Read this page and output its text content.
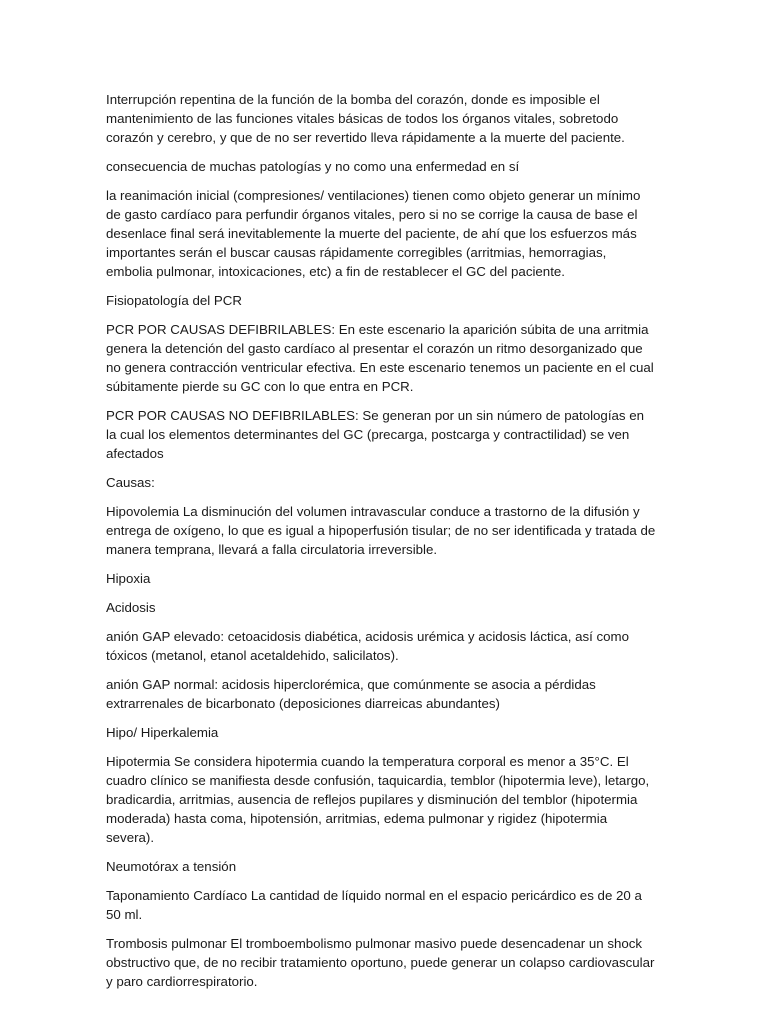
Interrupción repentina de la función de la bomba del corazón, donde es imposible el mantenimiento de las funciones vitales básicas de todos los órganos vitales, sobretodo corazón y cerebro, y que de no ser revertido lleva rápidamente a la muerte del paciente.

consecuencia de muchas patologías y no como una enfermedad en sí

la reanimación inicial (compresiones/ ventilaciones) tienen como objeto generar un mínimo de gasto cardíaco para perfundir órganos vitales, pero si no se corrige la causa de base el desenlace final será inevitablemente la muerte del paciente, de ahí que los esfuerzos más importantes serán el buscar causas rápidamente corregibles (arritmias, hemorragias, embolia pulmonar, intoxicaciones, etc) a fin de restablecer el GC del paciente.

Fisiopatología del PCR

PCR POR CAUSAS DEFIBRILABLES: En este escenario la aparición súbita de una arritmia genera la detención del gasto cardíaco al presentar el corazón un ritmo desorganizado que no genera contracción ventricular efectiva. En este escenario tenemos un paciente en el cual súbitamente pierde su GC con lo que entra en PCR.

PCR POR CAUSAS NO DEFIBRILABLES: Se generan por un sin número de patologías en la cual los elementos determinantes del GC (precarga, postcarga y contractilidad) se ven afectados

Causas:

Hipovolemia La disminución del volumen intravascular conduce a trastorno de la difusión y entrega de oxígeno, lo que es igual a hipoperfusión tisular; de no ser identificada y tratada de manera temprana, llevará a falla circulatoria irreversible.

Hipoxia

Acidosis

anión GAP elevado: cetoacidosis diabética, acidosis urémica y acidosis láctica, así como tóxicos (metanol, etanol acetaldehido, salicilatos).

anión GAP normal: acidosis hiperclorémica, que comúnmente se asocia a pérdidas extrarrenales de bicarbonato (deposiciones diarreicas abundantes)

Hipo/ Hiperkalemia

Hipotermia Se considera hipotermia cuando la temperatura corporal es menor a 35°C. El cuadro clínico se manifiesta desde confusión, taquicardia, temblor (hipotermia leve), letargo, bradicardia, arritmias, ausencia de reflejos pupilares y disminución del temblor (hipotermia moderada) hasta coma, hipotensión, arritmias, edema pulmonar y rigidez (hipotermia severa).

Neumotórax a tensión

Taponamiento Cardíaco La cantidad de líquido normal en el espacio pericárdico es de 20 a 50 ml.

Trombosis pulmonar El tromboembolismo pulmonar masivo puede desencadenar un shock obstructivo que, de no recibir tratamiento oportuno, puede generar un colapso cardiovascular y paro cardiorrespiratorio.
